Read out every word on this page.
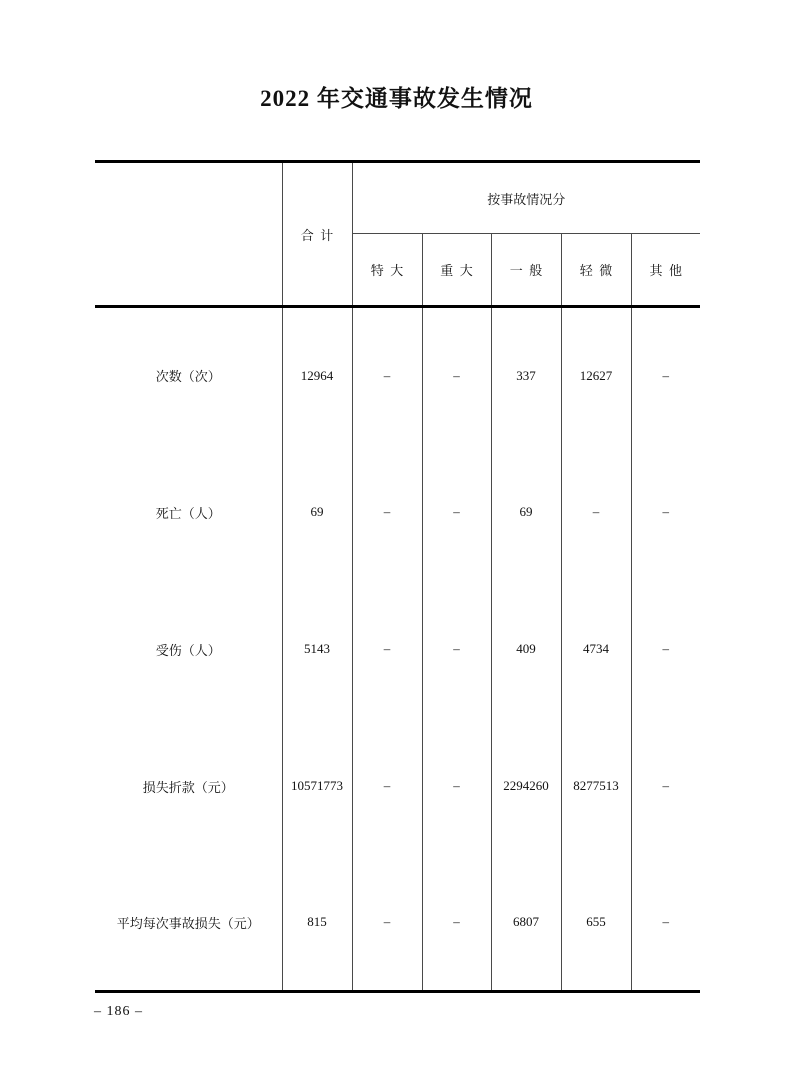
2022 年交通事故发生情况
	合  计	按事故情况分				
		特  大	重  大	一  般	轻  微	其  他
次数（次）	12964	–	–	337	12627	–
死亡（人）	69	–	–	69	–	–
受伤（人）	5143	–	–	409	4734	–
损失折款（元）	10571773	–	–	2294260	8277513	–
平均每次事故损失（元）	815	–	–	6807	655	–
– 186 –
